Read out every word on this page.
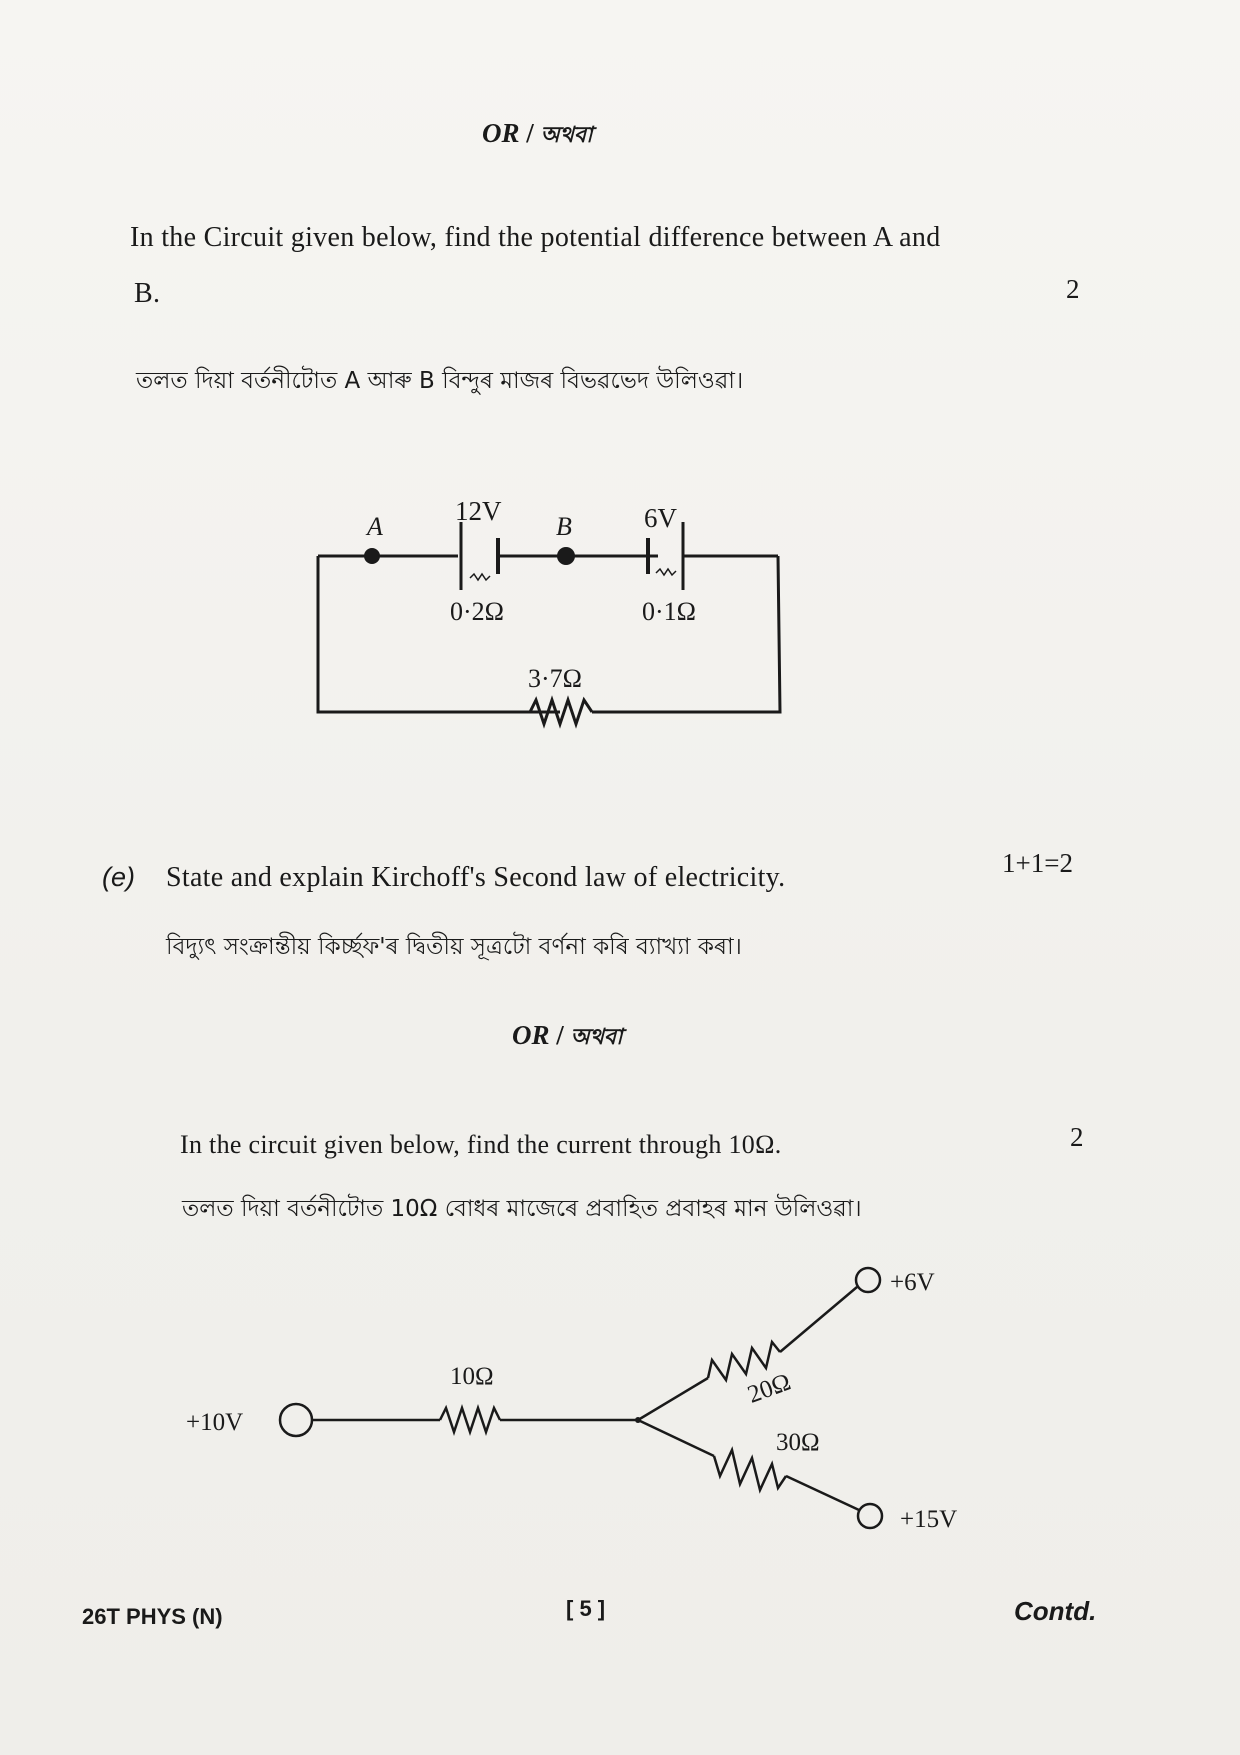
OR / অথবা
In the Circuit given below, find the potential difference between A and
B.	2
তলত দিয়া বৰ্তনীটোত A আৰু B বিন্দুৰ মাজৰ বিভৱভেদ উলিওৱা।
A	B
12V	6V
0·2Ω	0·1Ω
3·7Ω
(e) State and explain Kirchoff's Second law of electricity.	1+1=2
বিদ্যুৎ সংক্ৰান্তীয় কিৰ্চ্ছফ'ৰ দ্বিতীয় সূত্ৰটো বৰ্ণনা কৰি ব্যাখ্যা কৰা।
OR / অথবা
In the circuit given below, find the current through 10Ω.	2
তলত দিয়া বৰ্তনীটোত 10Ω বোধৰ মাজেৰে প্ৰবাহিত প্ৰবাহৰ মান উলিওৱা।
+10V
10Ω	20Ω
30Ω
+6V
+15V
26T PHYS (N)	[ 5 ]	Contd.
